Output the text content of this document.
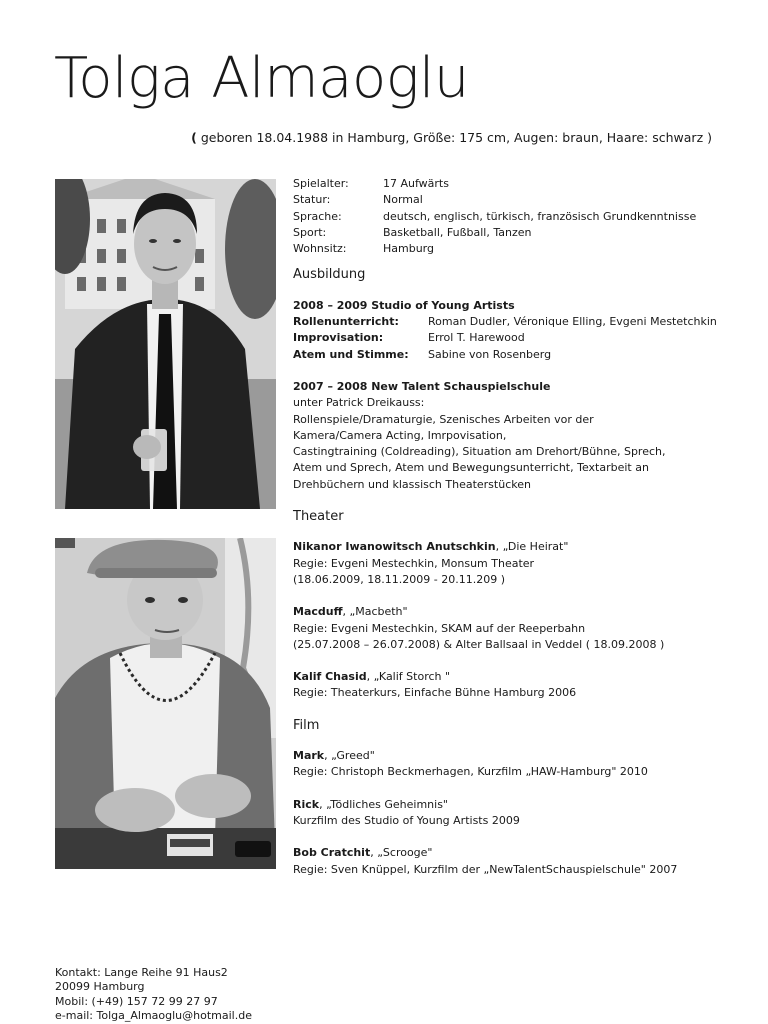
Tolga Almaoglu
( geboren 18.04.1988 in Hamburg, Größe: 175 cm, Augen: braun, Haare: schwarz )
Spielalter:	17 Aufwärts
Statur:	Normal
Sprache:	deutsch, englisch, türkisch, französisch Grundkenntnisse
Sport:	Basketball, Fußball, Tanzen
Wohnsitz:	Hamburg
Ausbildung
2008 – 2009 Studio of Young Artists
Rollenunterricht:	Roman Dudler, Véronique Elling, Evgeni Mestetchkin
Improvisation:	Errol T. Harewood
Atem und Stimme:	Sabine von Rosenberg
2007 – 2008 New Talent Schauspielschule
unter Patrick Dreikauss:
Rollenspiele/Dramaturgie, Szenisches Arbeiten vor der
Kamera/Camera Acting, Imrpovisation,
Castingtraining (Coldreading), Situation am Drehort/Bühne, Sprech,
Atem und Sprech, Atem und Bewegungsunterricht, Textarbeit an
Drehbüchern und klassisch Theaterstücken
Theater
Nikanor Iwanowitsch Anutschkin, „Die Heirat"
Regie: Evgeni Mestechkin, Monsum Theater
(18.06.2009, 18.11.2009 - 20.11.209 )
Macduff, „Macbeth"
Regie: Evgeni Mestechkin, SKAM auf der Reeperbahn
(25.07.2008 – 26.07.2008) & Alter Ballsaal in Veddel ( 18.09.2008 )
Kalif Chasid, „Kalif Storch "
Regie: Theaterkurs, Einfache Bühne Hamburg 2006
Film
Mark, „Greed"
Regie: Christoph Beckmerhagen, Kurzfilm „HAW-Hamburg" 2010
Rick, „Tödliches Geheimnis"
Kurzfilm des Studio of Young Artists 2009
Bob Cratchit, „Scrooge"
Regie: Sven Knüppel, Kurzfilm der „NewTalentSchauspielschule" 2007
Kontakt: Lange Reihe 91 Haus2
20099 Hamburg
Mobil: (+49) 157 72 99 27 97
e-mail: Tolga_Almaoglu@hotmail.de
